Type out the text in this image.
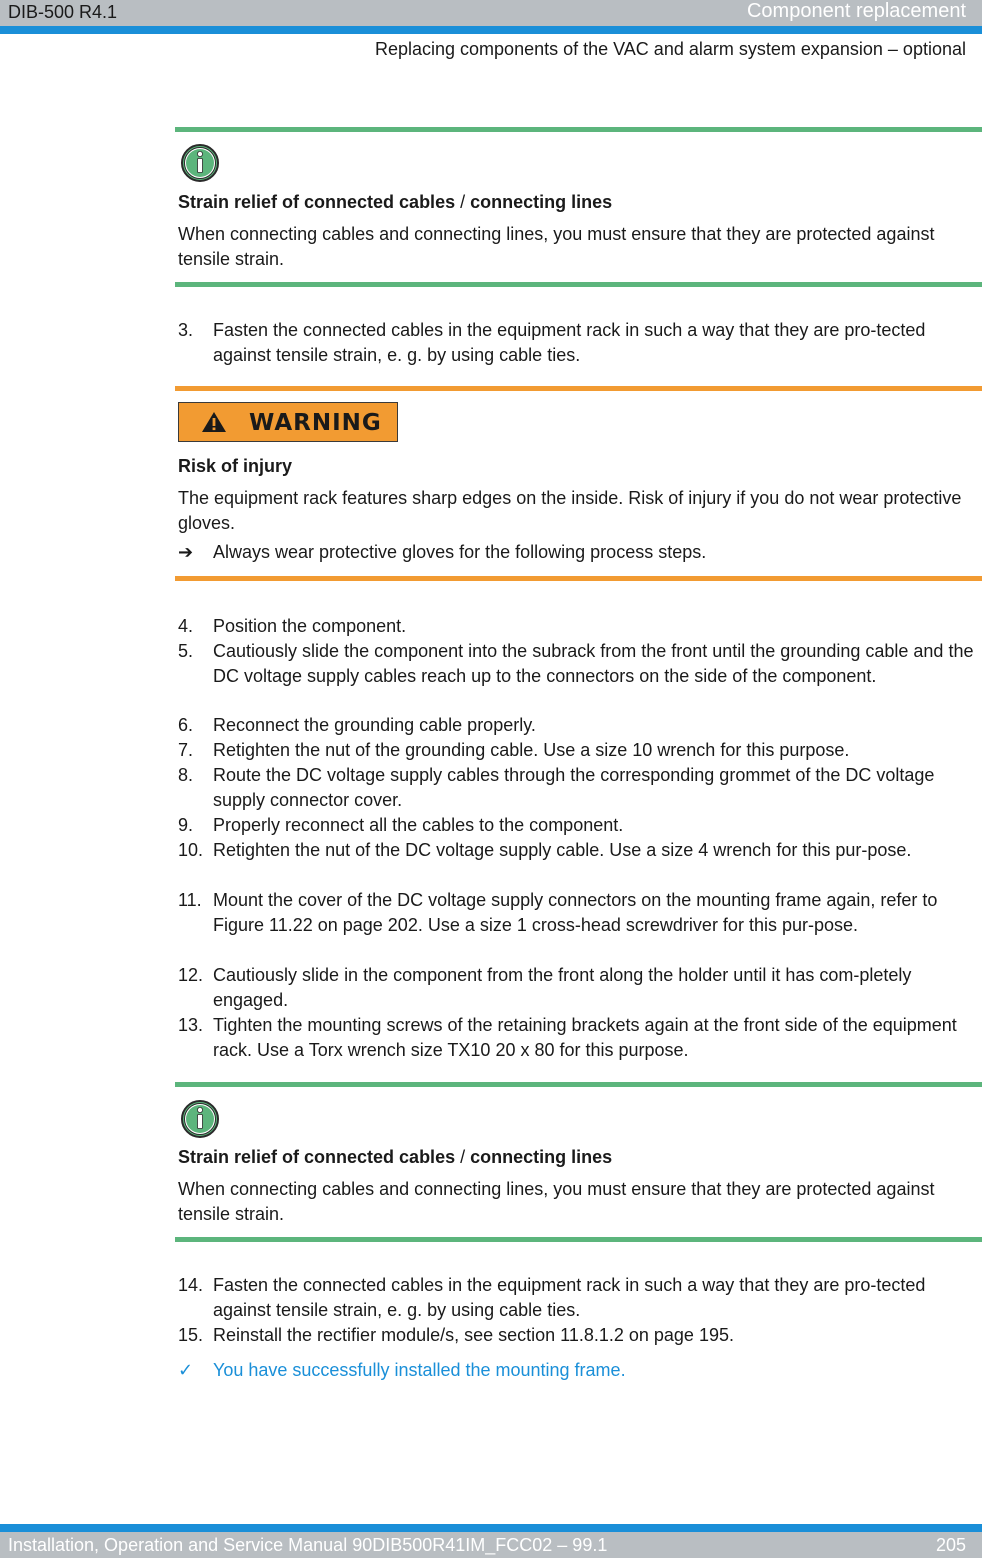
DIB-500 R4.1	Component replacement
Replacing components of the VAC and alarm system expansion – optional
Strain relief of connected cables / connecting lines
When connecting cables and connecting lines, you must ensure that they are protected against tensile strain.
3.	Fasten the connected cables in the equipment rack in such a way that they are pro-tected against tensile strain, e. g. by using cable ties.
WARNING
Risk of injury
The equipment rack features sharp edges on the inside. Risk of injury if you do not wear protective gloves.
➔ Always wear protective gloves for the following process steps.
4.	Position the component.
5.	Cautiously slide the component into the subrack from the front until the grounding cable and the DC voltage supply cables reach up to the connectors on the side of the component.
6.	Reconnect the grounding cable properly.
7.	Retighten the nut of the grounding cable. Use a size 10 wrench for this purpose.
8.	Route the DC voltage supply cables through the corresponding grommet of the DC voltage supply connector cover.
9.	Properly reconnect all the cables to the component.
10. Retighten the nut of the DC voltage supply cable. Use a size 4 wrench for this pur-pose.
11. Mount the cover of the DC voltage supply connectors on the mounting frame again, refer to Figure 11.22 on page 202. Use a size 1 cross-head screwdriver for this pur-pose.
12. Cautiously slide in the component from the front along the holder until it has com-pletely engaged.
13. Tighten the mounting screws of the retaining brackets again at the front side of the equipment rack. Use a Torx wrench size TX10 20 x 80 for this purpose.
Strain relief of connected cables / connecting lines
When connecting cables and connecting lines, you must ensure that they are protected against tensile strain.
14. Fasten the connected cables in the equipment rack in such a way that they are pro-tected against tensile strain, e. g. by using cable ties.
15. Reinstall the rectifier module/s, see section 11.8.1.2 on page 195.
✓ You have successfully installed the mounting frame.
Installation, Operation and Service Manual 90DIB500R41IM_FCC02 – 99.1	205
